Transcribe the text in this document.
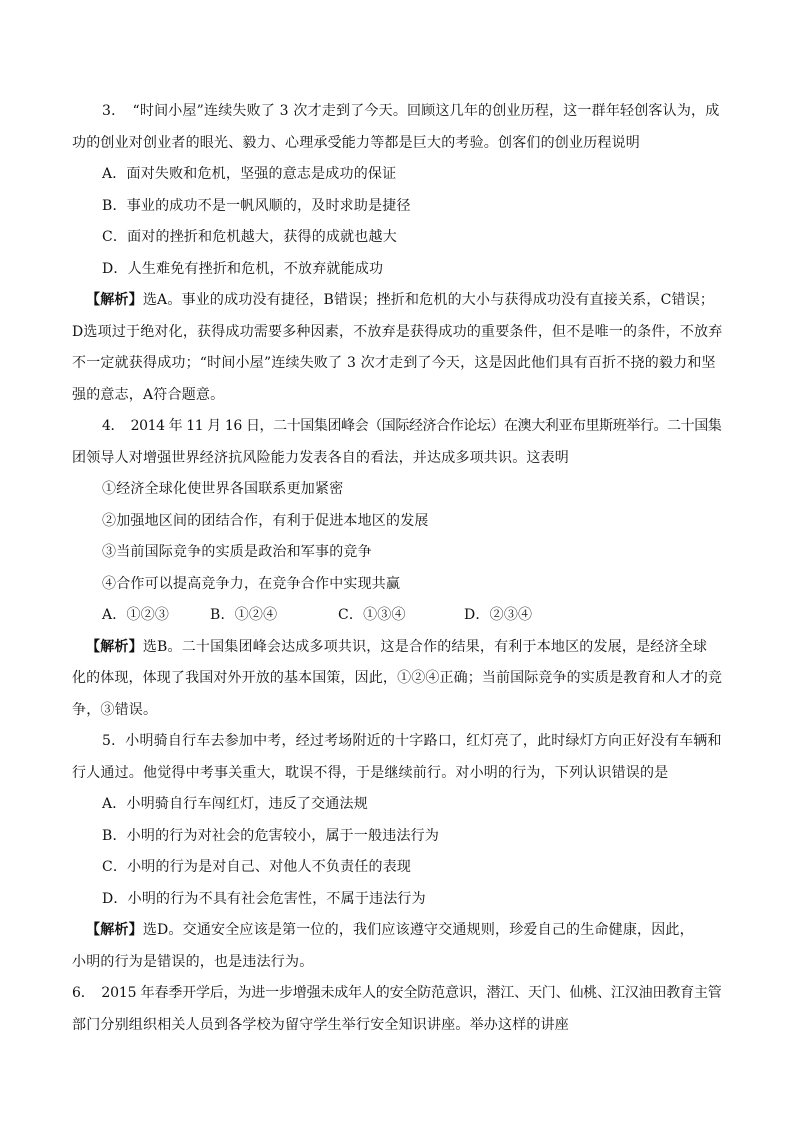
3．　“时间小屋”连续失败了 3 次才走到了今天。回顾这几年的创业历程，这一群年轻创客认为，成
功的创业对创业者的眼光、毅力、心理承受能力等都是巨大的考验。创客们的创业历程说明
A．面对失败和危机，坚强的意志是成功的保证
B．事业的成功不是一帆风顺的，及时求助是捷径
C．面对的挫折和危机越大，获得的成就也越大
D．人生难免有挫折和危机，不放弃就能成功
【解析】选A。事业的成功没有捷径，B错误；挫折和危机的大小与获得成功没有直接关系，C错误；
D选项过于绝对化，获得成功需要多种因素，不放弃是获得成功的重要条件，但不是唯一的条件，不放弃
不一定就获得成功；“时间小屋”连续失败了 3 次才走到了今天，这是因此他们具有百折不挠的毅力和坚
强的意志，A符合题意。
4．　2014 年 11 月 16 日，二十国集团峰会（国际经济合作论坛）在澳大利亚布里斯班举行。二十国集
团领导人对增强世界经济抗风险能力发表各自的看法，并达成多项共识。这表明
①经济全球化使世界各国联系更加紧密
②加强地区间的团结合作，有利于促进本地区的发展
③当前国际竞争的实质是政治和军事的竞争
④合作可以提高竞争力，在竞争合作中实现共赢
A．①②③	B．①②④	C．①③④	D．②③④
【解析】选B。二十国集团峰会达成多项共识，这是合作的结果，有利于本地区的发展，是经济全球
化的体现，体现了我国对外开放的基本国策，因此，①②④正确；当前国际竞争的实质是教育和人才的竞
争，③错误。
5．小明骑自行车去参加中考，经过考场附近的十字路口，红灯亮了，此时绿灯方向正好没有车辆和
行人通过。他觉得中考事关重大，耽误不得，于是继续前行。对小明的行为，下列认识错误的是
A．小明骑自行车闯红灯，违反了交通法规
B．小明的行为对社会的危害较小，属于一般违法行为
C．小明的行为是对自己、对他人不负责任的表现
D．小明的行为不具有社会危害性，不属于违法行为
【解析】选D。交通安全应该是第一位的，我们应该遵守交通规则，珍爱自己的生命健康，因此，
小明的行为是错误的，也是违法行为。
6．　2015 年春季开学后，为进一步增强未成年人的安全防范意识，潜江、天门、仙桃、江汉油田教育主管
部门分别组织相关人员到各学校为留守学生举行安全知识讲座。举办这样的讲座
